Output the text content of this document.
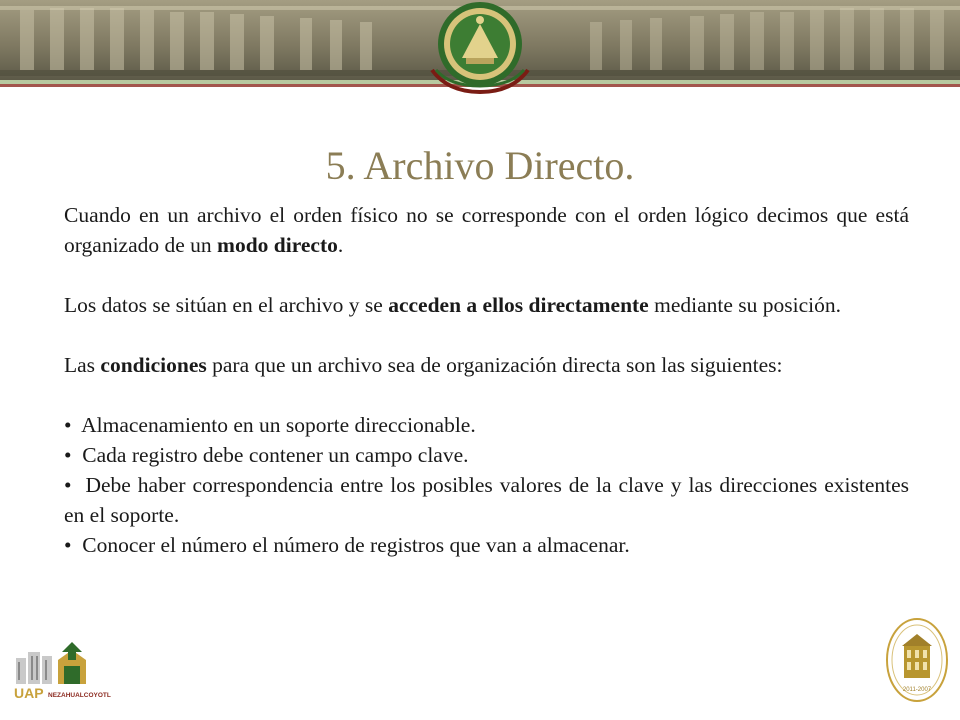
5. Archivo Directo.

Cuando en un archivo el orden físico no se corresponde con el orden lógico decimos que está organizado de un modo directo.

Los datos se sitúan en el archivo y se acceden a ellos directamente mediante su posición.

Las condiciones para que un archivo sea de organización directa son las siguientes:

• Almacenamiento en un soporte direccionable.

• Cada registro debe contener un campo clave.

• Debe haber correspondencia entre los posibles valores de la clave y las direcciones existentes en el soporte.

• Conocer el número el número de registros que van a almacenar.

UAP NEZAHUALCOYOTL
2011-2007
